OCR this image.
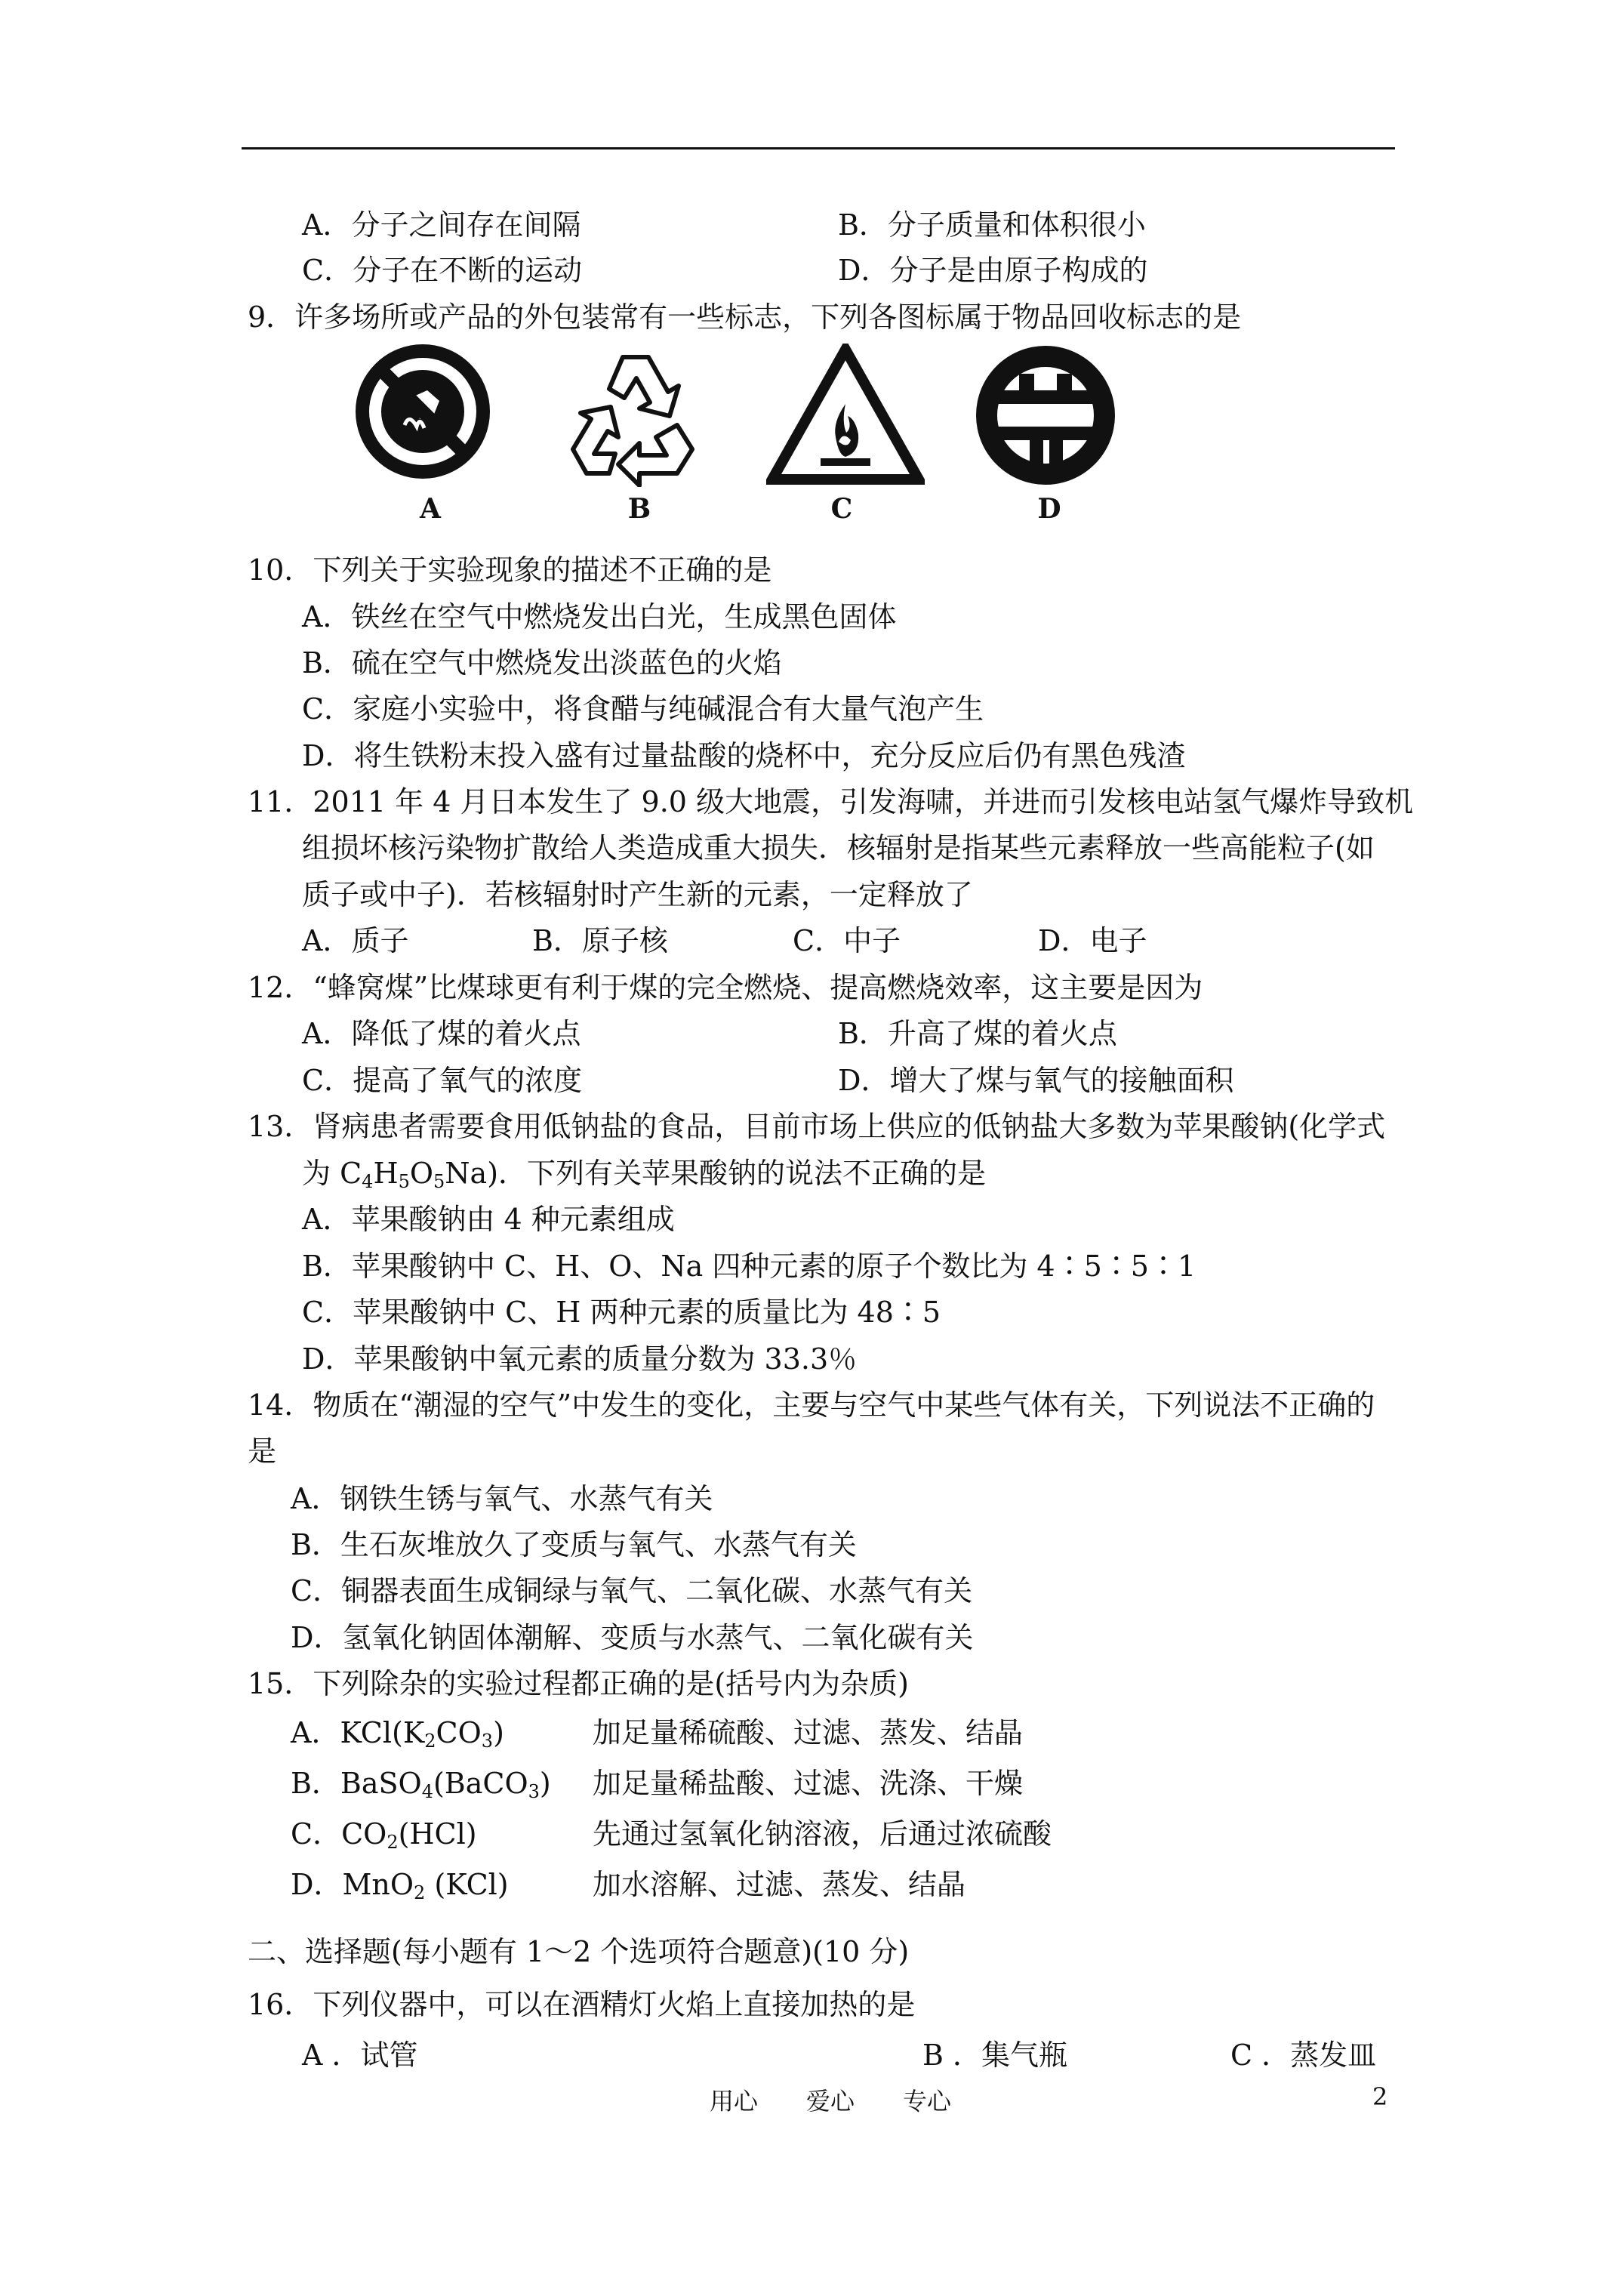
A．分子之间存在间隔	B．分子质量和体积很小
C．分子在不断的运动	D．分子是由原子构成的
9．许多场所或产品的外包装常有一些标志，下列各图标属于物品回收标志的是
A	B	C	D
10．下列关于实验现象的描述不正确的是
A．铁丝在空气中燃烧发出白光，生成黑色固体
B．硫在空气中燃烧发出淡蓝色的火焰
C．家庭小实验中，将食醋与纯碱混合有大量气泡产生
D．将生铁粉末投入盛有过量盐酸的烧杯中，充分反应后仍有黑色残渣
11．2011 年 4 月日本发生了 9.0 级大地震，引发海啸，并进而引发核电站氢气爆炸导致机
组损坏核污染物扩散给人类造成重大损失．核辐射是指某些元素释放一些高能粒子(如
质子或中子)．若核辐射时产生新的元素，一定释放了
A．质子	B．原子核	C．中子	D．电子
12．“蜂窝煤”比煤球更有利于煤的完全燃烧、提高燃烧效率，这主要是因为
A．降低了煤的着火点	B．升高了煤的着火点
C．提高了氧气的浓度	D．增大了煤与氧气的接触面积
13．肾病患者需要食用低钠盐的食品，目前市场上供应的低钠盐大多数为苹果酸钠(化学式
为 $C_4H_5O_5Na$)．下列有关苹果酸钠的说法不正确的是
A．苹果酸钠由 4 种元素组成
B．苹果酸钠中 C、H、O、Na 四种元素的原子个数比为 4∶5∶5∶1
C．苹果酸钠中 C、H 两种元素的质量比为 48∶5
D．苹果酸钠中氧元素的质量分数为 33.3％
14．物质在“潮湿的空气”中发生的变化，主要与空气中某些气体有关，下列说法不正确的
是
A．钢铁生锈与氧气、水蒸气有关
B．生石灰堆放久了变质与氧气、水蒸气有关
C．铜器表面生成铜绿与氧气、二氧化碳、水蒸气有关
D．氢氧化钠固体潮解、变质与水蒸气、二氧化碳有关
15．下列除杂的实验过程都正确的是(括号内为杂质)
A．$KCl(K_2CO_3)$	加足量稀硫酸、过滤、蒸发、结晶
B．BaSO$_4$(BaCO$_3$) 加足量稀盐酸、过滤、洗涤、干燥
C．$CO_2(HCl)$	先通过氢氧化钠溶液，后通过浓硫酸
D．MnO$_2$ (KCl)	加水溶解、过滤、蒸发、结晶
二、选择题(每小题有 1～2 个选项符合题意)(10 分)
16．下列仪器中，可以在酒精灯火焰上直接加热的是
A ．试管	B ．集气瓶	C ．蒸发皿
用心　　爱心　　专心	2
